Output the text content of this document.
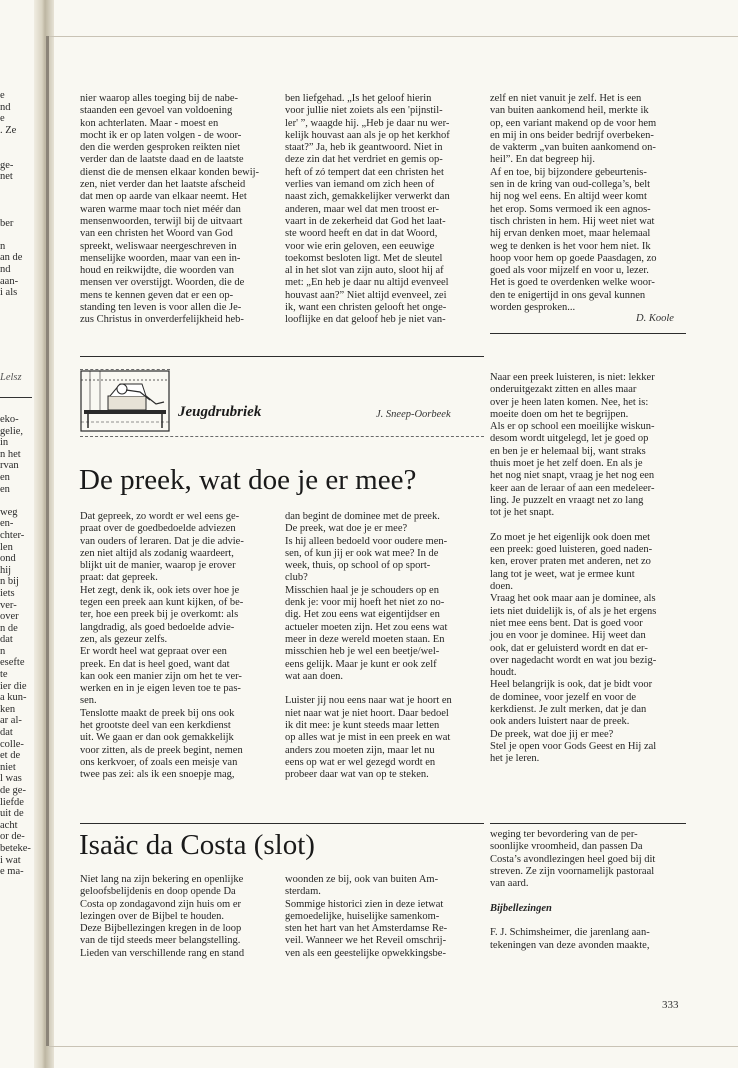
e
nd
e
. Ze

ge-
net

ber

n
an de
nd
aan-
i als
Lelsz
eko-
gelie,
in
n het
rvan
en
en

weg
en-
chter-
len
ond
hij
n bij
iets
ver-
over
n de
dat
n
esefte
te
ier die
a kun-
ken
ar al-
dat
colle-
et de
niet
l was
de ge-
liefde
uit de
acht
or de-
beteke-
i wat
e ma-
nier waarop alles toeging bij de nabe-
staanden een gevoel van voldoening
kon achterlaten. Maar - moest en
mocht ik er op laten volgen - de woor-
den die werden gesproken reikten niet
verder dan de laatste daad en de laatste
dienst die de mensen elkaar konden bewij-
zen, niet verder dan het laatste afscheid
dat men op aarde van elkaar neemt. Het
waren warme maar toch niet méér dan
mensenwoorden, terwijl bij de uitvaart
van een christen het Woord van God
spreekt, weliswaar neergeschreven in
menselijke woorden, maar van een in-
houd en reikwijdte, die woorden van
mensen ver overstijgt. Woorden, die de
mens te kennen geven dat er een op-
standing ten leven is voor allen die Je-
zus Christus in onverderfelijkheid heb-
ben liefgehad. „Is het geloof hierin
voor jullie niet zoiets als een 'pijnstil-
ler' ”, waagde hij. „Heb je daar nu wer-
kelijk houvast aan als je op het kerkhof
staat?” Ja, heb ik geantwoord. Niet in
deze zin dat het verdriet en gemis op-
heft of zó tempert dat een christen het
verlies van iemand om zich heen of
naast zich, gemakkelijker verwerkt dan
anderen, maar wel dat men troost er-
vaart in de zekerheid dat God het laat-
ste woord heeft en dat in dat Woord,
voor wie erin geloven, een eeuwige
toekomst besloten ligt. Met de sleutel
al in het slot van zijn auto, sloot hij af
met: „En heb je daar nu altijd evenveel
houvast aan?” Niet altijd evenveel, zei
ik, want een christen gelooft het onge-
looflijke en dat geloof heb je niet van-
zelf en niet vanuit je zelf. Het is een
van buiten aankomend heil, merkte ik
op, een variant makend op de voor hem
en mij in ons beider bedrijf overbeken-
de vakterm „van buiten aankomend on-
heil”. En dat begreep hij.
Af en toe, bij bijzondere gebeurtenis-
sen in de kring van oud-collega’s, belt
hij nog wel eens. En altijd weer komt
het erop. Soms vermoed ik een agnos-
tisch christen in hem. Hij weet niet wat
hij ervan denken moet, maar helemaal
weg te denken is het voor hem niet. Ik
hoop voor hem op goede Paasdagen, zo
goed als voor mijzelf en voor u, lezer.
Het is goed te overdenken welke woor-
den te enigertijd in ons geval kunnen
worden gesproken...
D. Koole
Jeugdrubriek	J. Sneep-Oorbeek
De preek, wat doe je er mee?
Dat gepreek, zo wordt er wel eens ge-
praat over de goedbedoelde adviezen
van ouders of leraren. Dat je die advie-
zen niet altijd als zodanig waardeert,
blijkt uit de manier, waarop je erover
praat: dat gepreek.
Het zegt, denk ik, ook iets over hoe je
tegen een preek aan kunt kijken, of be-
ter, hoe een preek bij je overkomt: als
langdradig, als goed bedoelde advie-
zen, als gezeur zelfs.
Er wordt heel wat gepraat over een
preek. En dat is heel goed, want dat
kan ook een manier zijn om het te ver-
werken en in je eigen leven toe te pas-
sen.
Tenslotte maakt de preek bij ons ook
het grootste deel van een kerkdienst
uit. We gaan er dan ook gemakkelijk
voor zitten, als de preek begint, nemen
ons kerkvoer, of zoals een meisje van
twee pas zei: als ik een snoepje mag,
dan begint de dominee met de preek.
De preek, wat doe je er mee?
Is hij alleen bedoeld voor oudere men-
sen, of kun jij er ook wat mee? In de
week, thuis, op school of op sport-
club?
Misschien haal je je schouders op en
denk je: voor mij hoeft het niet zo no-
dig. Het zou eens wat eigentijdser en
actueler moeten zijn. Het zou eens wat
meer in deze wereld moeten staan. En
misschien heb je wel een beetje/wel-
eens gelijk. Maar je kunt er ook zelf
wat aan doen.
Luister jij nou eens naar wat je hoort en
niet naar wat je niet hoort. Daar bedoel
ik dit mee: je kunt steeds maar letten
op alles wat je mist in een preek en wat
anders zou moeten zijn, maar let nu
eens op wat er wel gezegd wordt en
probeer daar wat van op te steken.
Naar een preek luisteren, is niet: lekker
onderuitgezakt zitten en alles maar
over je heen laten komen. Nee, het is:
moeite doen om het te begrijpen.
Als er op school een moeilijke wiskun-
desom wordt uitgelegd, let je goed op
en ben je er helemaal bij, want straks
thuis moet je het zelf doen. En als je
het nog niet snapt, vraag je het nog een
keer aan de leraar of aan een medeleer-
ling. Je puzzelt en vraagt net zo lang
tot je het snapt.
Zo moet je het eigenlijk ook doen met
een preek: goed luisteren, goed naden-
ken, erover praten met anderen, net zo
lang tot je weet, wat je ermee kunt
doen.
Vraag het ook maar aan je dominee, als
iets niet duidelijk is, of als je het ergens
niet mee eens bent. Dat is goed voor
jou en voor je dominee. Hij weet dan
ook, dat er geluisterd wordt en dat er-
over nagedacht wordt en wat jou bezig-
houdt.
Heel belangrijk is ook, dat je bidt voor
de dominee, voor jezelf en voor de
kerkdienst. Je zult merken, dat je dan
ook anders luistert naar de preek.
De preek, wat doe jij er mee?
Stel je open voor Gods Geest en Hij zal
het je leren.
Isaäc da Costa (slot)
Niet lang na zijn bekering en openlijke
geloofsbelijdenis en doop opende Da
Costa op zondagavond zijn huis om er
lezingen over de Bijbel te houden.
Deze Bijbellezingen kregen in de loop
van de tijd steeds meer belangstelling.
Lieden van verschillende rang en stand
woonden ze bij, ook van buiten Am-
sterdam.
Sommige historici zien in deze ietwat
gemoedelijke, huiselijke samenkom-
sten het hart van het Amsterdamse Re-
veil. Wanneer we het Reveil omschrij-
ven als een geestelijke opwekkingsbe-
weging ter bevordering van de per-
soonlijke vroomheid, dan passen Da
Costa’s avondlezingen heel goed bij dit
streven. Ze zijn voornamelijk pastoraal
van aard.
Bijbellezingen
F. J. Schimsheimer, die jarenlang aan-
tekeningen van deze avonden maakte,
333
